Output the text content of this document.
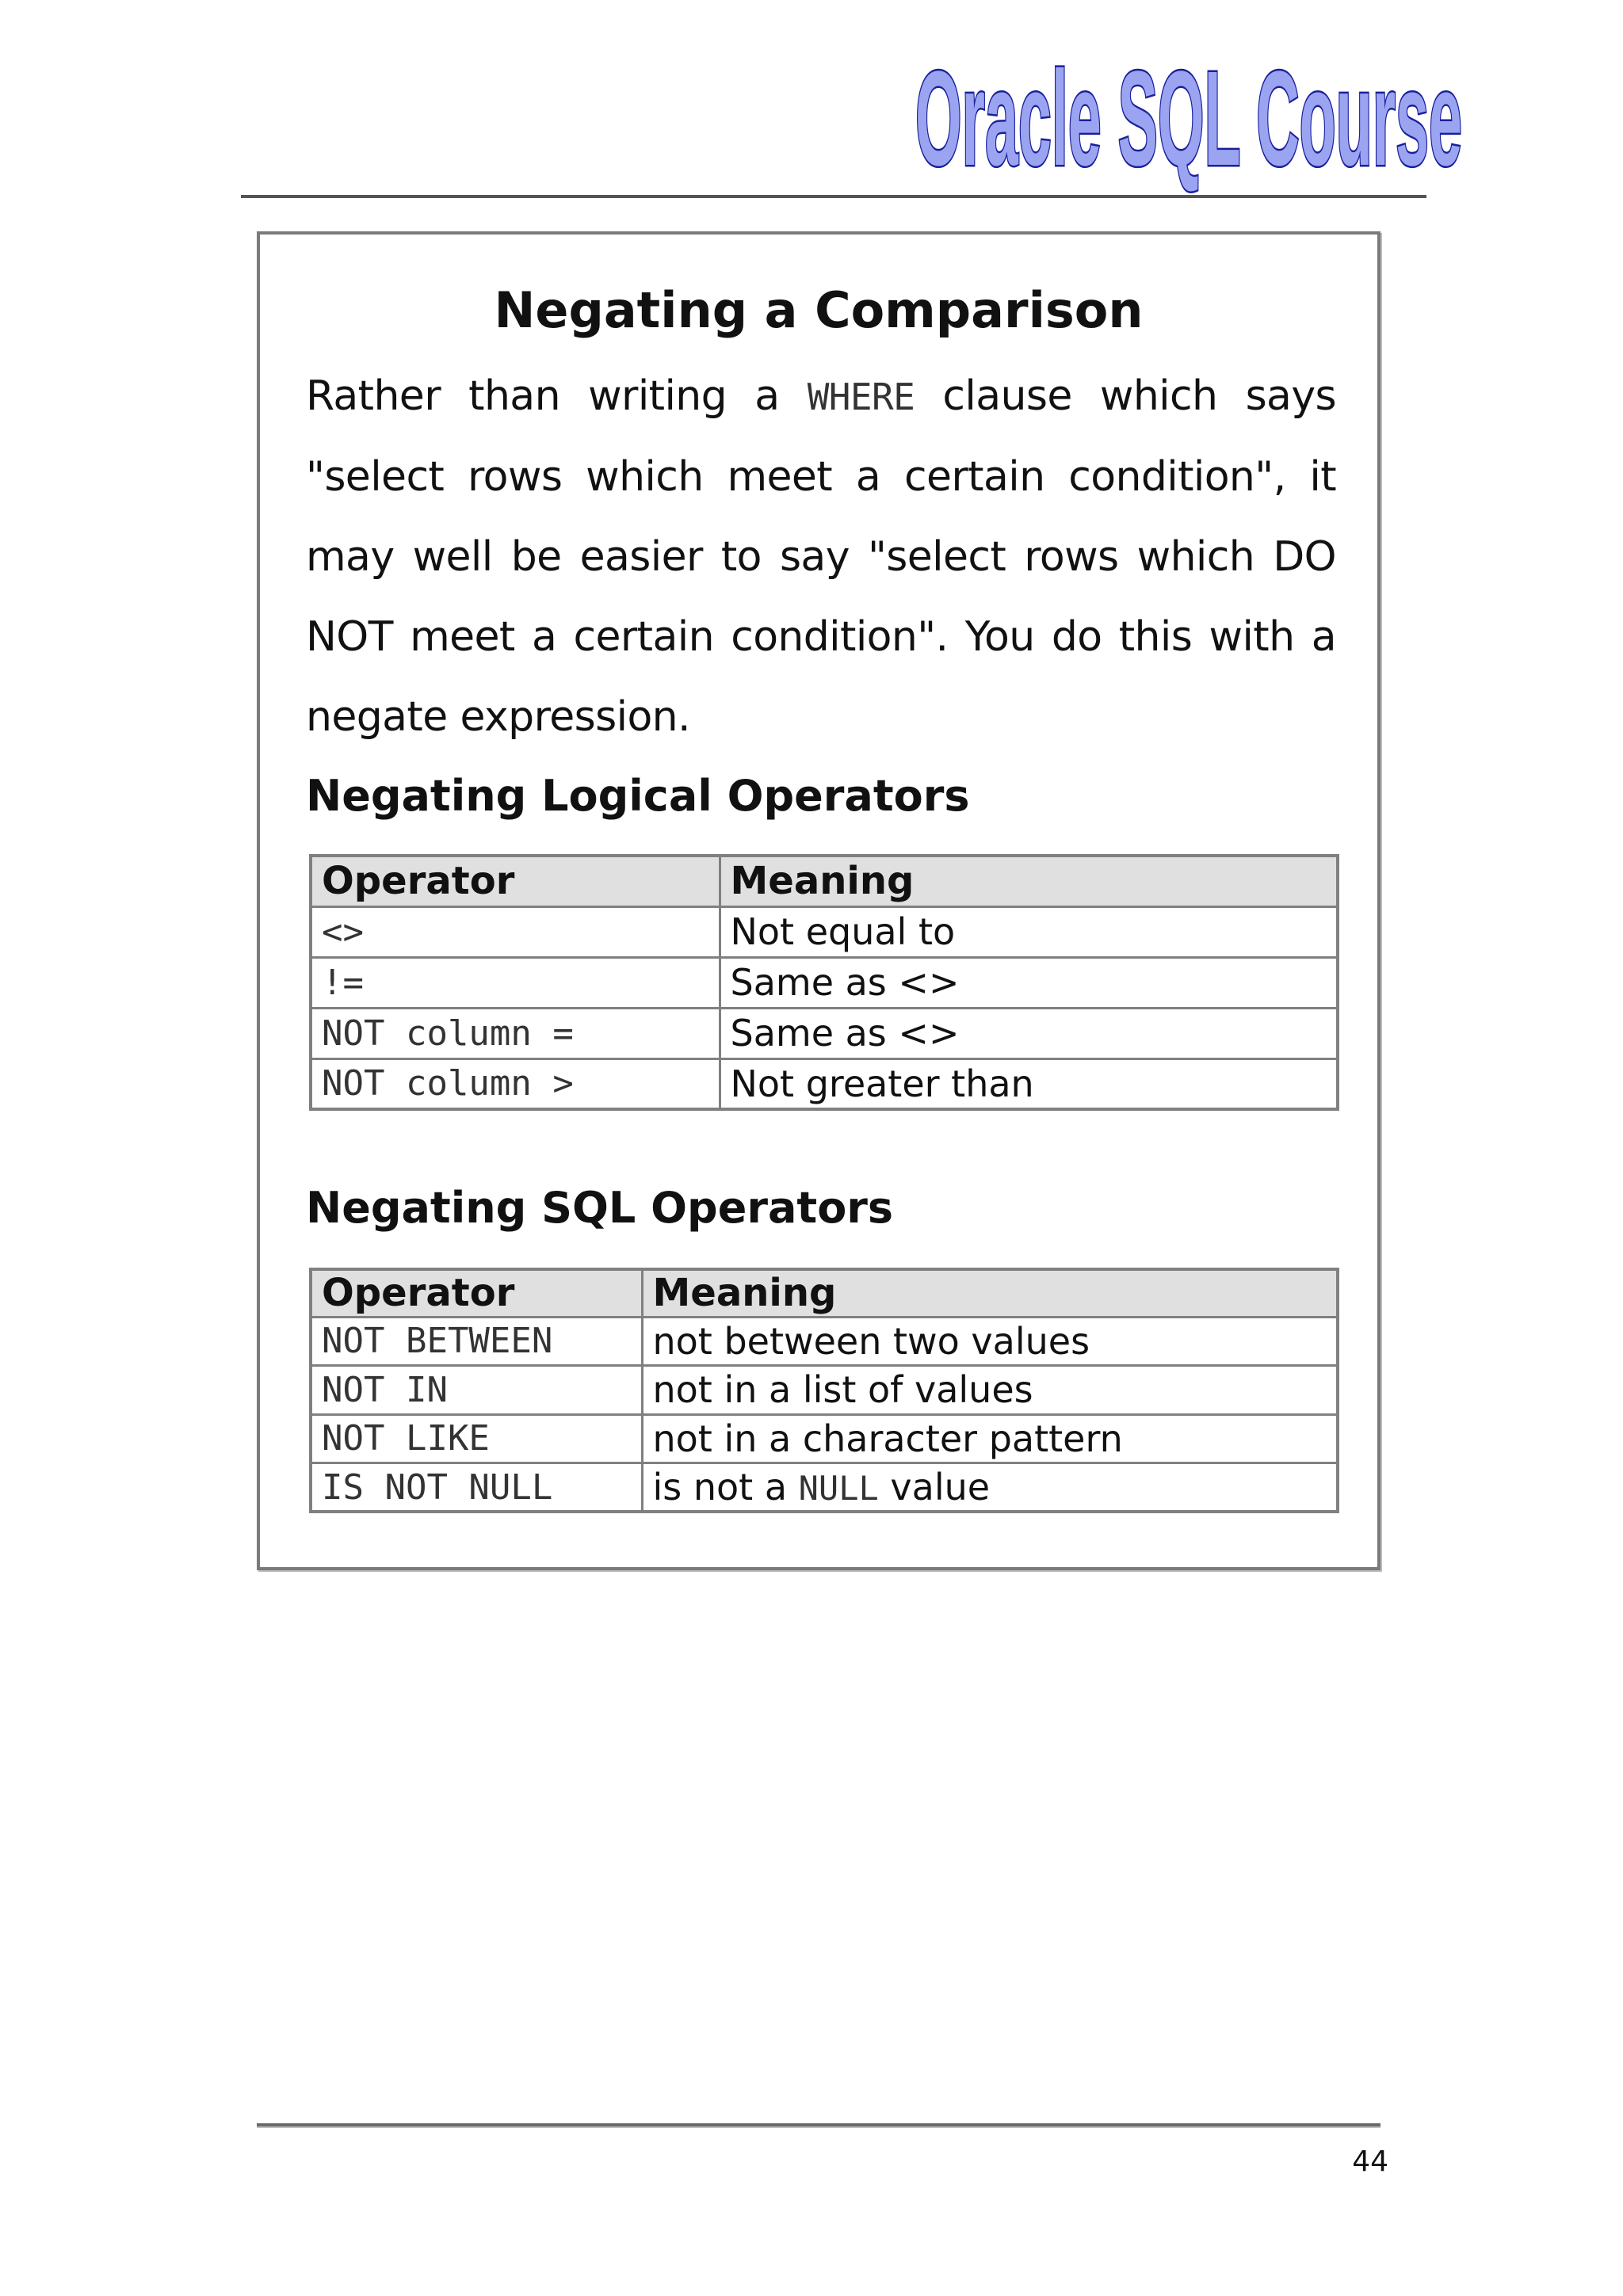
Oracle SQL Course
Negating a Comparison

Rather than writing a WHERE clause which says "select rows which meet a certain condition", it may well be easier to say "select rows which DO NOT meet a certain condition". You do this with a negate expression.

Negating Logical Operators
Operator	Meaning
<>	Not equal to
!=	Same as <>
NOT column =	Same as <>
NOT column >	Not greater than
Negating SQL Operators
Operator	Meaning
NOT BETWEEN	not between two values
NOT IN	not in a list of values
NOT LIKE	not in a character pattern
IS NOT NULL	is not a NULL value
44
